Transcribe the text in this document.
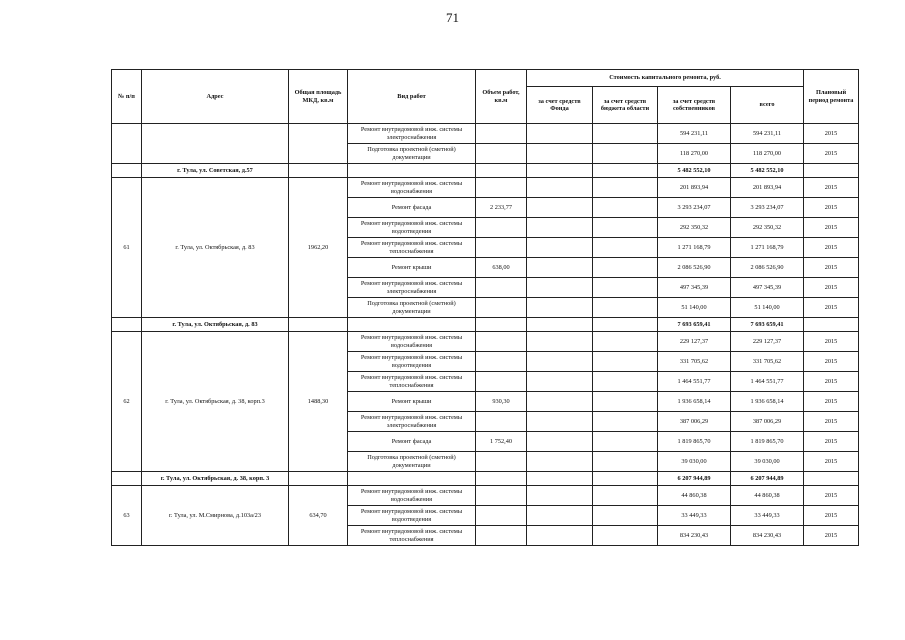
71
№ п/п	Адрес	Общая площадь МКД, кв.м	Вид работ	Объем работ, кв.м	Стоимость капитального ремонта, руб.				Плановый период ремонта
					за счет средств Фонда	за счет средств бюджета области	за счет средств собственников	всего	
			Ремонт внутридомовой инж. системы электроснабжения				594 231,11	594 231,11	2015
			Подготовка проектной (сметной) документации				118 270,00	118 270,00	2015
	г. Тула, ул. Советская, д.57						5 482 552,10	5 482 552,10	
61	г. Тула, ул. Октябрьская, д. 83	1962,20	Ремонт внутридомовой инж. системы водоснабжения				201 893,94	201 893,94	2015
			Ремонт фасада	2 233,77			3 293 234,07	3 293 234,07	2015
			Ремонт внутридомовой инж. системы водоотведения				292 350,32	292 350,32	2015
			Ремонт внутридомовой инж. системы теплоснабжения				1 271 168,79	1 271 168,79	2015
			Ремонт крыши	638,00			2 086 526,90	2 086 526,90	2015
			Ремонт внутридомовой инж. системы электроснабжения				497 345,39	497 345,39	2015
			Подготовка проектной (сметной) документации				51 140,00	51 140,00	2015
	г. Тула, ул. Октябрьская, д. 83						7 693 659,41	7 693 659,41	
62	г. Тула, ул. Октябрьская, д. 38, корп.3	1488,30	Ремонт внутридомовой инж. системы водоснабжения				229 127,37	229 127,37	2015
			Ремонт внутридомовой инж. системы водоотведения				331 705,62	331 705,62	2015
			Ремонт внутридомовой инж. системы теплоснабжения				1 464 551,77	1 464 551,77	2015
			Ремонт крыши	930,30			1 936 658,14	1 936 658,14	2015
			Ремонт внутридомовой инж. системы электроснабжения				387 006,29	387 006,29	2015
			Ремонт фасада	1 752,40			1 819 865,70	1 819 865,70	2015
			Подготовка проектной (сметной) документации				39 030,00	39 030,00	2015
	г. Тула, ул. Октябрьская, д. 38, корп. 3						6 207 944,89	6 207 944,89	
63	г. Тула, ул. М.Смирнова, д.103а/23	634,70	Ремонт внутридомовой инж. системы водоснабжения				44 860,38	44 860,38	2015
			Ремонт внутридомовой инж. системы водоотведения				33 449,33	33 449,33	2015
			Ремонт внутридомовой инж. системы теплоснабжения				834 230,43	834 230,43	2015
